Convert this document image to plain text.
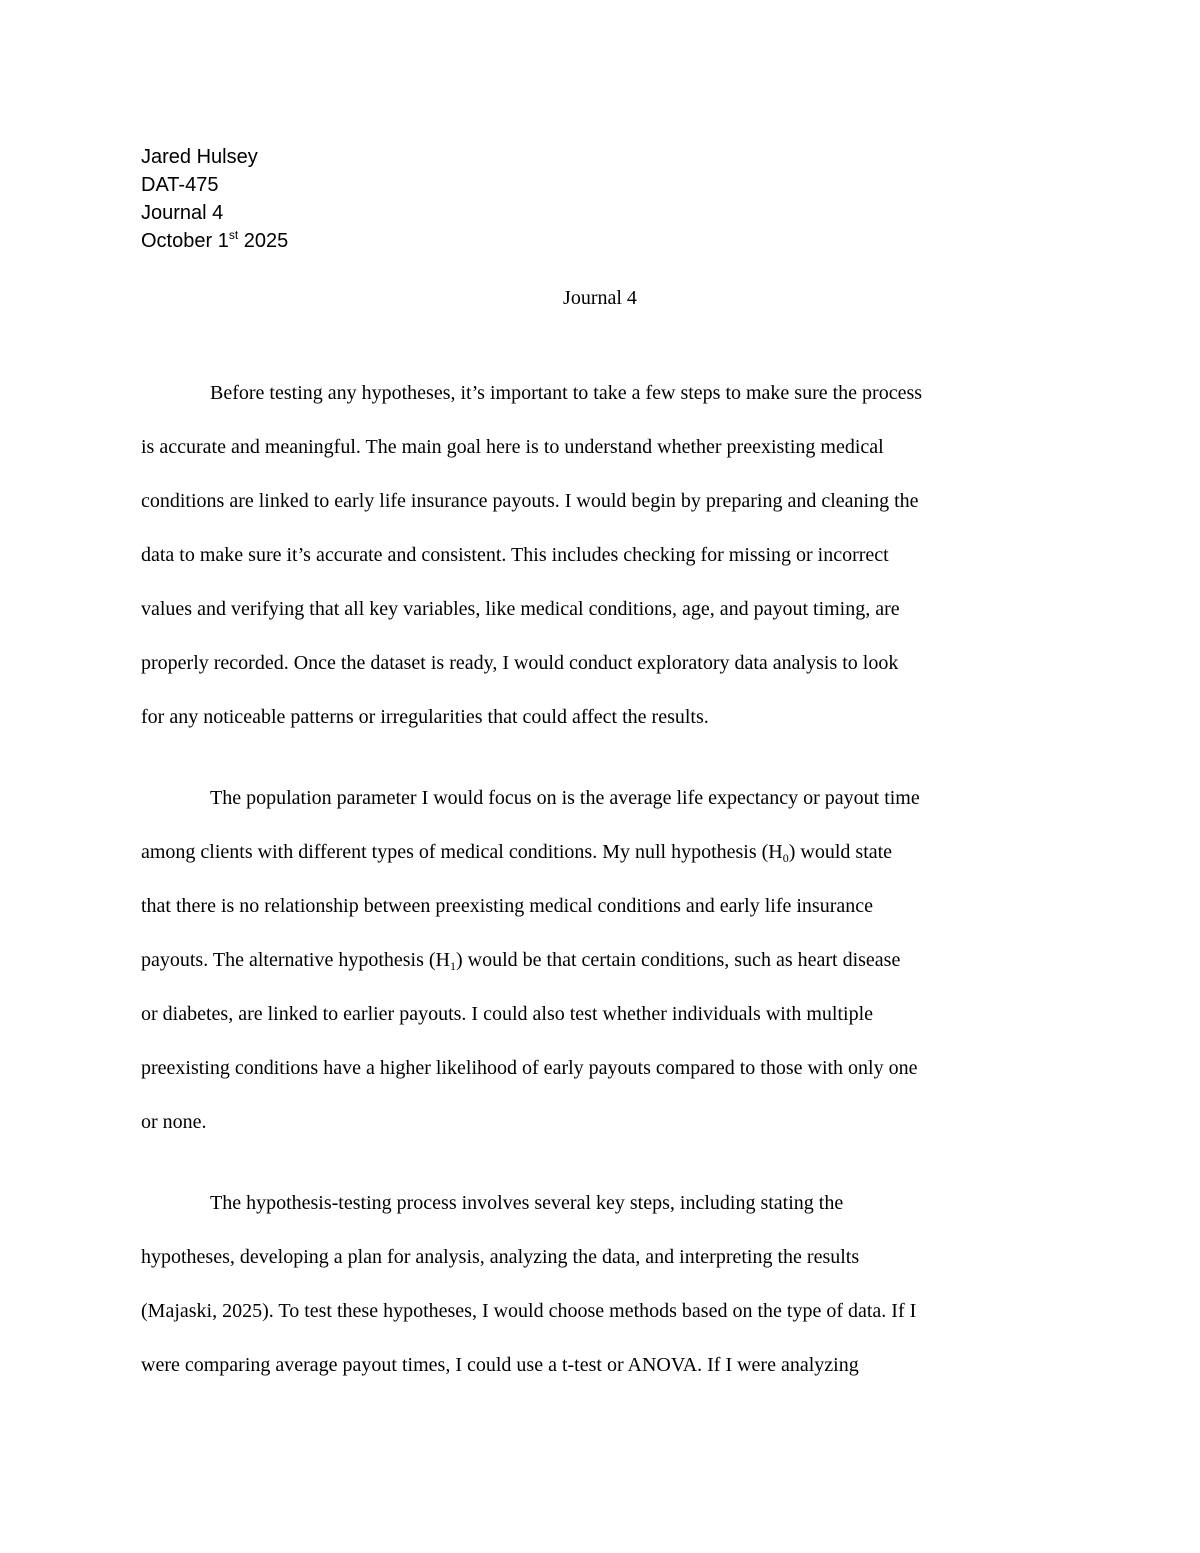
Jared Hulsey
DAT-475
Journal 4
October 1st 2025
Journal 4
Before testing any hypotheses, it’s important to take a few steps to make sure the process
is accurate and meaningful. The main goal here is to understand whether preexisting medical
conditions are linked to early life insurance payouts. I would begin by preparing and cleaning the
data to make sure it’s accurate and consistent. This includes checking for missing or incorrect
values and verifying that all key variables, like medical conditions, age, and payout timing, are
properly recorded. Once the dataset is ready, I would conduct exploratory data analysis to look
for any noticeable patterns or irregularities that could affect the results.
The population parameter I would focus on is the average life expectancy or payout time
among clients with different types of medical conditions. My null hypothesis $(H_0)$ would state
that there is no relationship between preexisting medical conditions and early life insurance
payouts. The alternative hypothesis $(H_1)$ would be that certain conditions, such as heart disease
or diabetes, are linked to earlier payouts. I could also test whether individuals with multiple
preexisting conditions have a higher likelihood of early payouts compared to those with only one
or none.
The hypothesis-testing process involves several key steps, including stating the
hypotheses, developing a plan for analysis, analyzing the data, and interpreting the results
(Majaski, 2025). To test these hypotheses, I would choose methods based on the type of data. If I
were comparing average payout times, I could use a t-test or ANOVA. If I were analyzing
